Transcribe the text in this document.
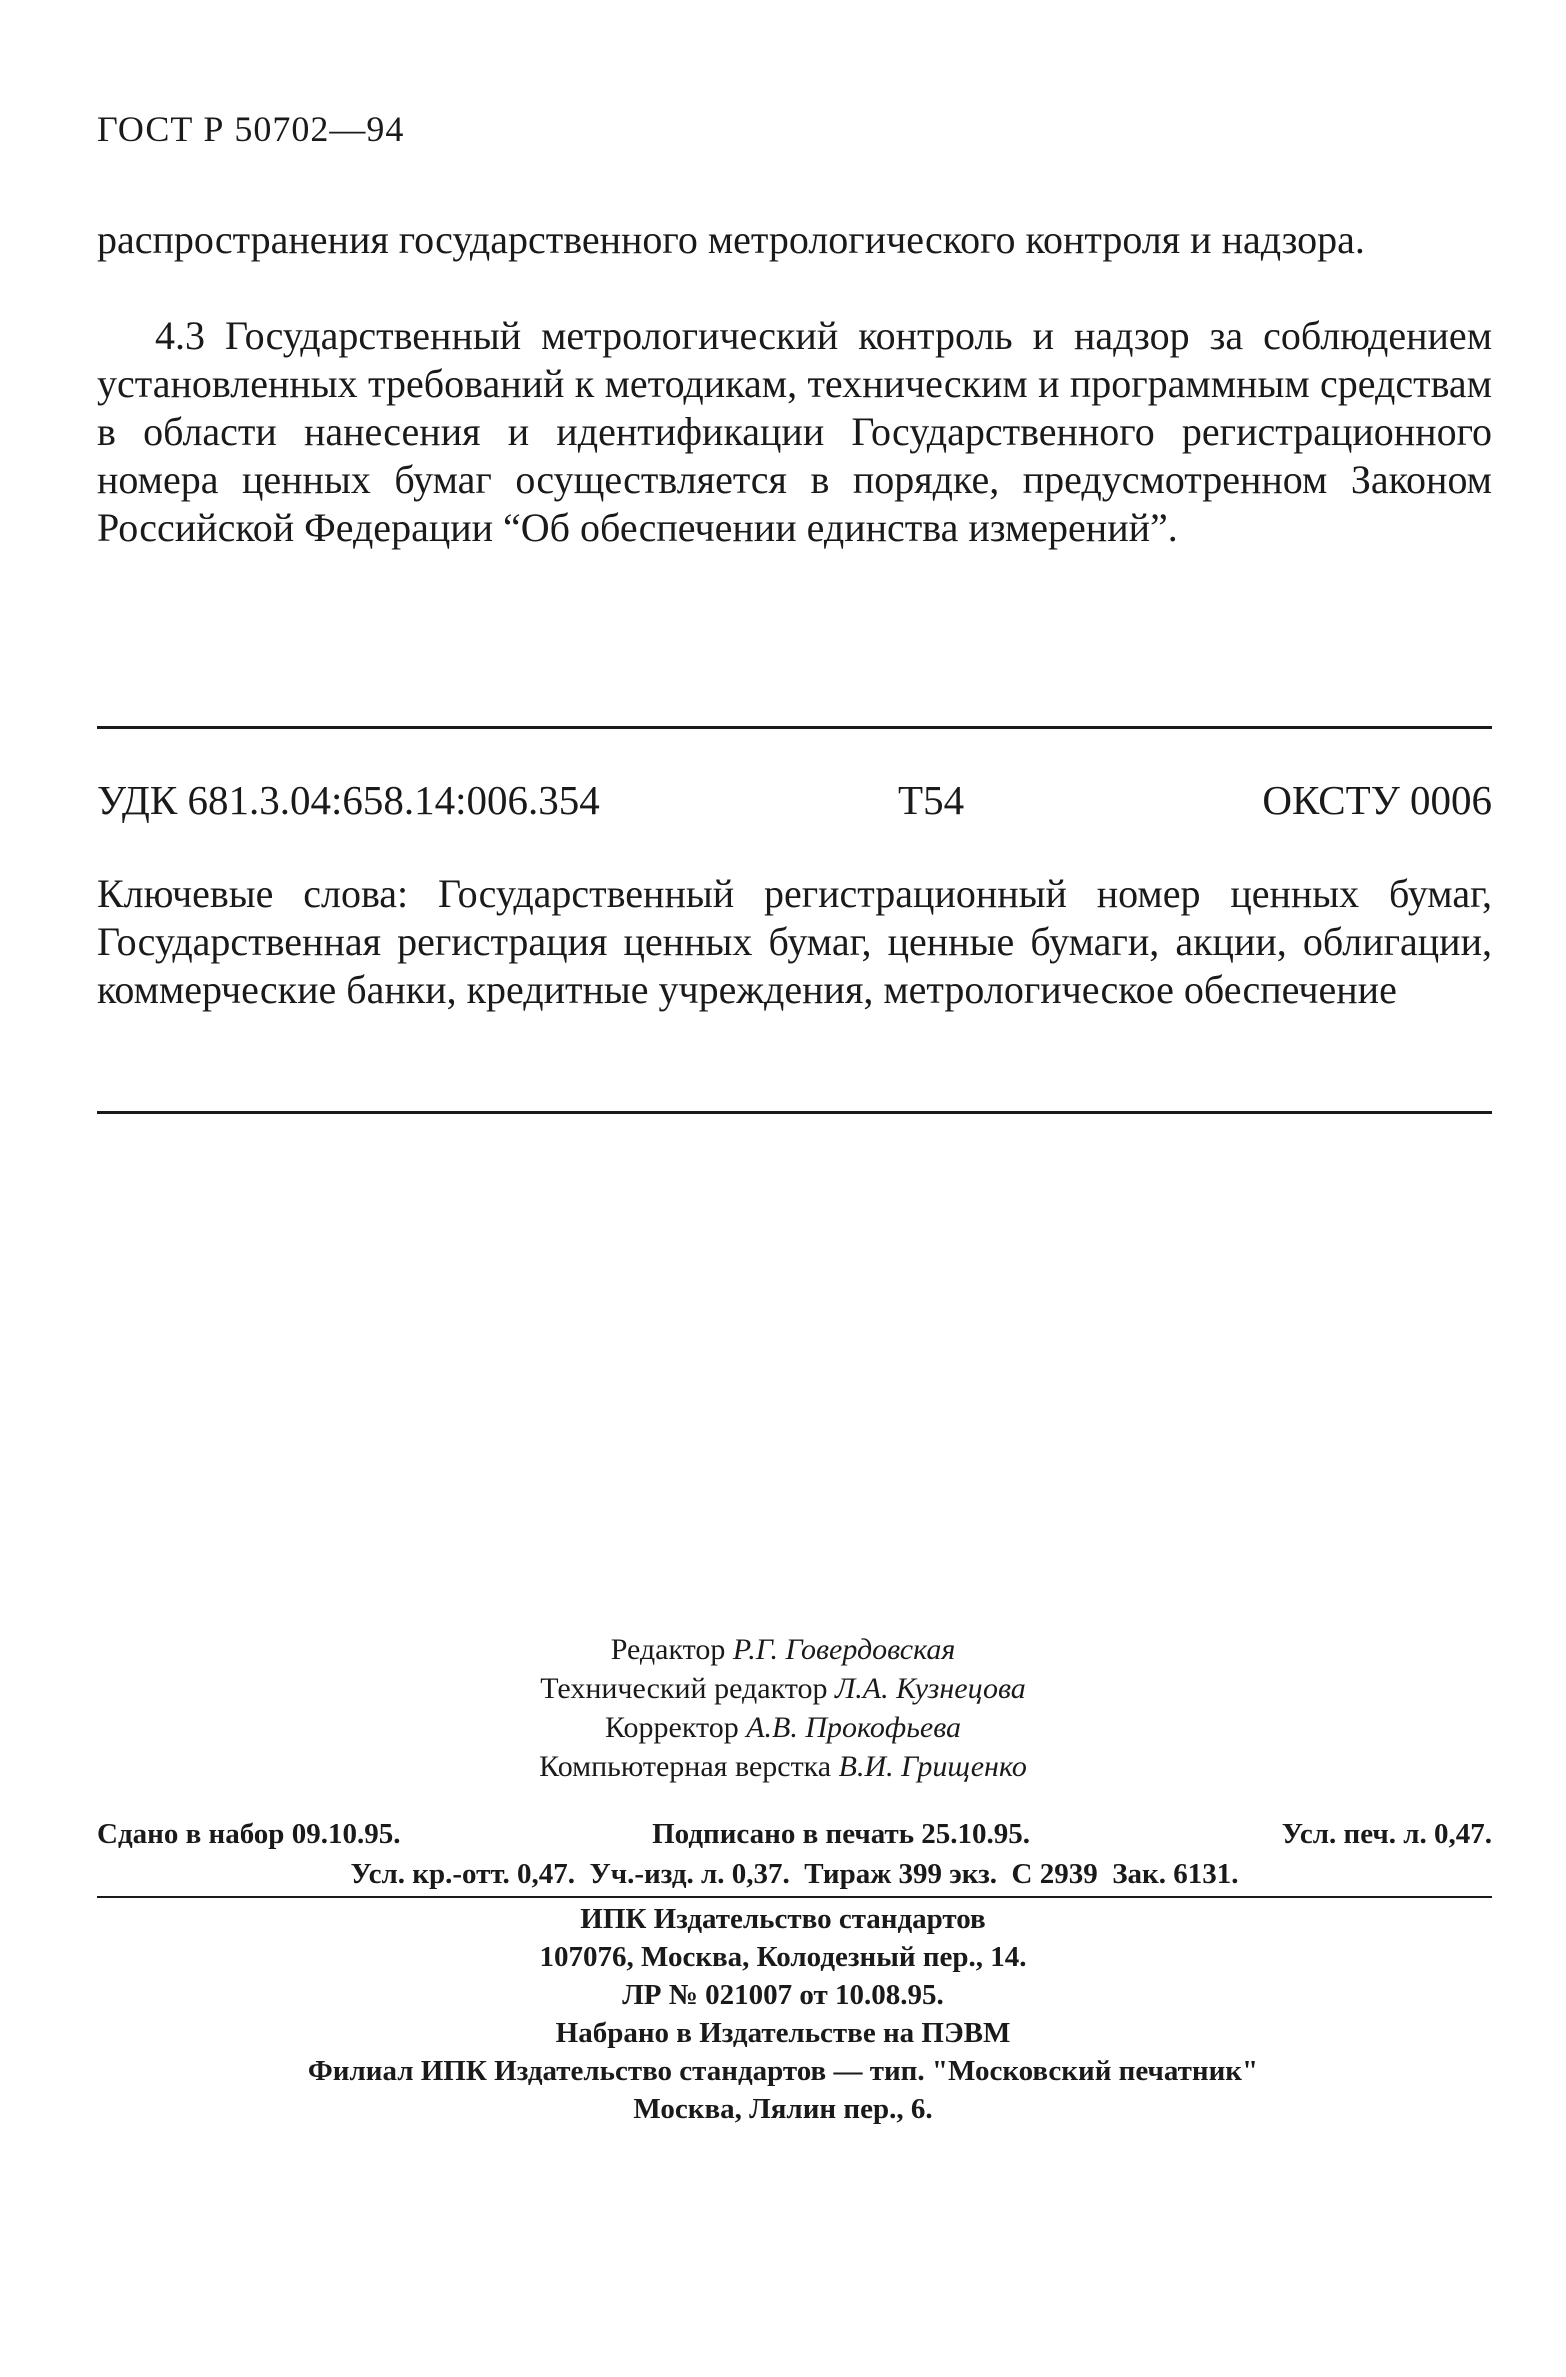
ГОСТ Р 50702—94

распространения государственного метрологического контроля и надзора.

4.3 Государственный метрологический контроль и надзор за соблюдением установленных требований к методикам, техническим и программным средствам в области нанесения и идентификации Государственного регистрационного номера ценных бумаг осуществляется в порядке, предусмотренном Законом Российской Федерации “Об обеспечении единства измерений”.

УДК 681.3.04:658.14:006.354	Т54	ОКСТУ 0006

Ключевые слова: Государственный регистрационный номер ценных бумаг, Государственная регистрация ценных бумаг, ценные бумаги, акции, облигации, коммерческие банки, кредитные учреждения, метрологическое обеспечение

Редактор Р.Г. Говердовская
Технический редактор Л.А. Кузнецова
Корректор А.В. Прокофьева
Компьютерная верстка В.И. Грищенко
Сдано в набор 09.10.95.	Подписано в печать 25.10.95.	Усл. печ. л. 0,47.
Усл. кр.-отт. 0,47.  Уч.-изд. л. 0,37.  Тираж 399 экз.  С 2939  Зак. 6131.
ИПК Издательство стандартов
107076, Москва, Колодезный пер., 14.
ЛР № 021007 от 10.08.95.
Набрано в Издательстве на ПЭВМ
Филиал ИПК Издательство стандартов — тип. "Московский печатник"
Москва, Лялин пер., 6.
